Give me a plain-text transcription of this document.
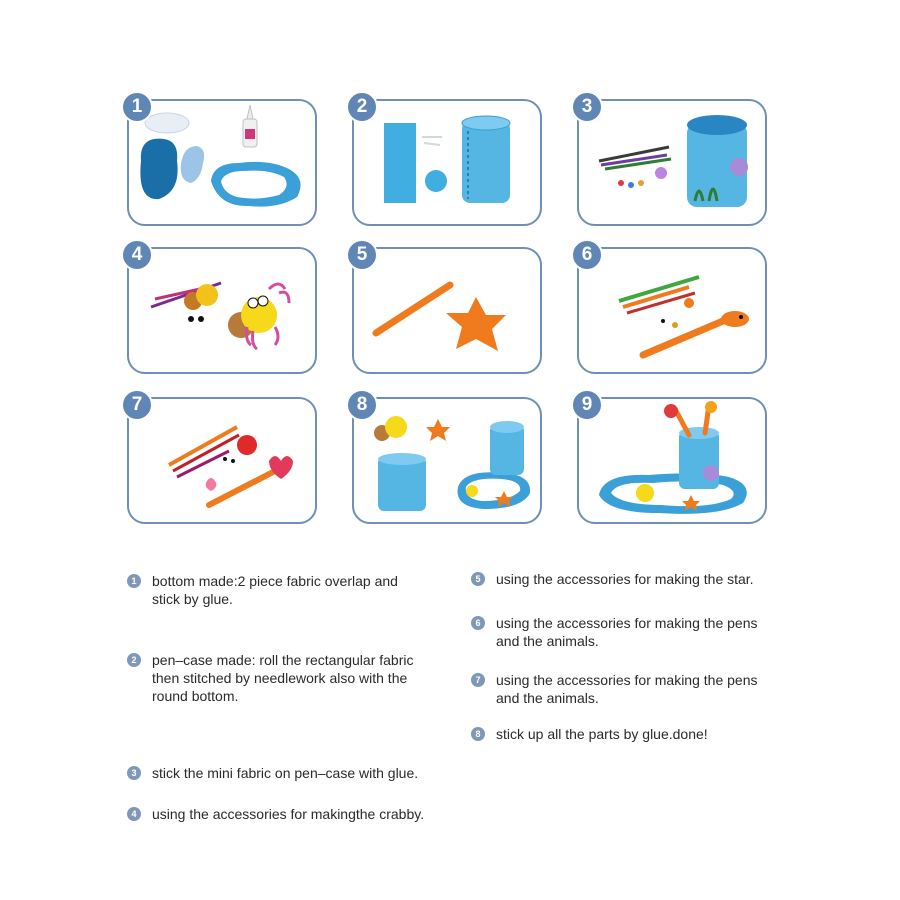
1	2	3
4	5	6
7	8	9
1	bottom made:2 piece fabric overlap and
stick by glue.
2	pen–case made: roll the rectangular fabric
then stitched by needlework also with the
round bottom.
3	stick the mini fabric on pen–case with glue.
4	using the accessories for makingthe crabby.
5	using the accessories for making the star.
6	using the accessories for making the pens
and the animals.
7	using the accessories for making the pens
and the animals.
8	stick up all the parts by glue.done!
